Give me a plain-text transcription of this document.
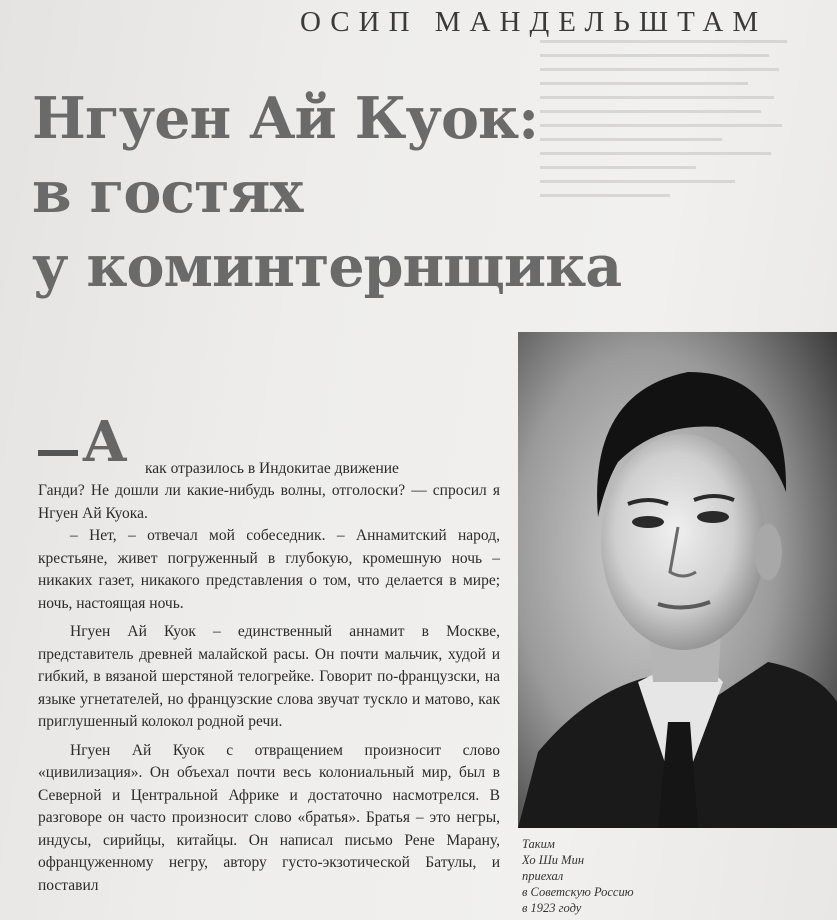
ОСИП МАНДЕЛЬШТАМ
Нгуен Ай Куок:
в гостях
у коминтернщика
А как отразилось в Индокитае движение

Ганди? Не дошли ли какие-нибудь волны, отголоски? — спросил я Нгуен Ай Куока.

– Нет, – отвечал мой собеседник. – Аннамитский народ, крестьяне, живет погруженный в глубокую, кромешную ночь – никаких газет, никакого представления о том, что делается в мире; ночь, настоящая ночь.

Нгуен Ай Куок – единственный аннамит в Москве, представитель древней малайской расы. Он почти мальчик, худой и гибкий, в вязаной шерстяной телогрейке. Говорит по-французски, на языке угнетателей, но французские слова звучат тускло и матово, как приглушенный колокол родной речи.

Нгуен Ай Куок с отвращением произносит слово «цивилизация». Он объехал почти весь колониальный мир, был в Северной и Центральной Африке и достаточно насмотрелся. В разговоре он часто произносит слово «братья». Братья – это негры, индусы, сирийцы, китайцы. Он написал письмо Рене Марану, офранцуженному негру, автору густо-экзотической Батулы, и поставил

Таким
Хо Ши Мин
приехал
в Советскую Россию
в 1923 году
